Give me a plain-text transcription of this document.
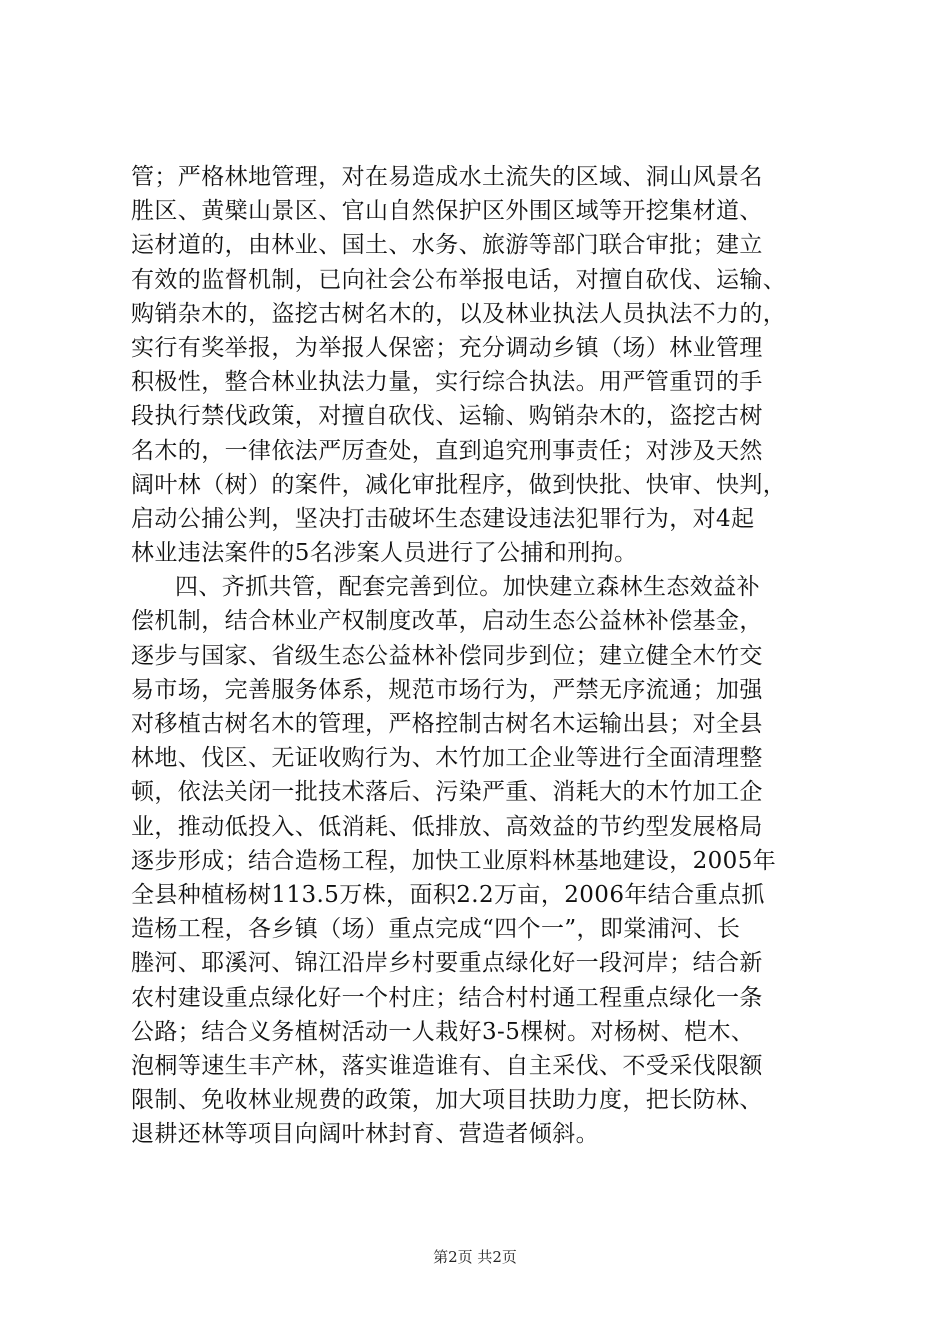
管；严格林地管理，对在易造成水土流失的区域、洞山风景名
胜区、黄檗山景区、官山自然保护区外围区域等开挖集材道、
运材道的，由林业、国土、水务、旅游等部门联合审批；建立
有效的监督机制，已向社会公布举报电话，对擅自砍伐、运输、
购销杂木的，盗挖古树名木的，以及林业执法人员执法不力的，
实行有奖举报，为举报人保密；充分调动乡镇（场）林业管理
积极性，整合林业执法力量，实行综合执法。用严管重罚的手
段执行禁伐政策，对擅自砍伐、运输、购销杂木的，盗挖古树
名木的，一律依法严厉查处，直到追究刑事责任；对涉及天然
阔叶林（树）的案件，减化审批程序，做到快批、快审、快判，
启动公捕公判，坚决打击破坏生态建设违法犯罪行为，对4起
林业违法案件的5名涉案人员进行了公捕和刑拘。
四、齐抓共管，配套完善到位。加快建立森林生态效益补
偿机制，结合林业产权制度改革，启动生态公益林补偿基金，
逐步与国家、省级生态公益林补偿同步到位；建立健全木竹交
易市场，完善服务体系，规范市场行为，严禁无序流通；加强
对移植古树名木的管理，严格控制古树名木运输出县；对全县
林地、伐区、无证收购行为、木竹加工企业等进行全面清理整
顿，依法关闭一批技术落后、污染严重、消耗大的木竹加工企
业，推动低投入、低消耗、低排放、高效益的节约型发展格局
逐步形成；结合造杨工程，加快工业原料林基地建设，2005年
全县种植杨树113.5万株，面积2.2万亩，2006年结合重点抓
造杨工程，各乡镇（场）重点完成“四个一”，即棠浦河、长
塍河、耶溪河、锦江沿岸乡村要重点绿化好一段河岸；结合新
农村建设重点绿化好一个村庄；结合村村通工程重点绿化一条
公路；结合义务植树活动一人栽好3-5棵树。对杨树、桤木、
泡桐等速生丰产林，落实谁造谁有、自主采伐、不受采伐限额
限制、免收林业规费的政策，加大项目扶助力度，把长防林、
退耕还林等项目向阔叶林封育、营造者倾斜。
第2页 共2页
